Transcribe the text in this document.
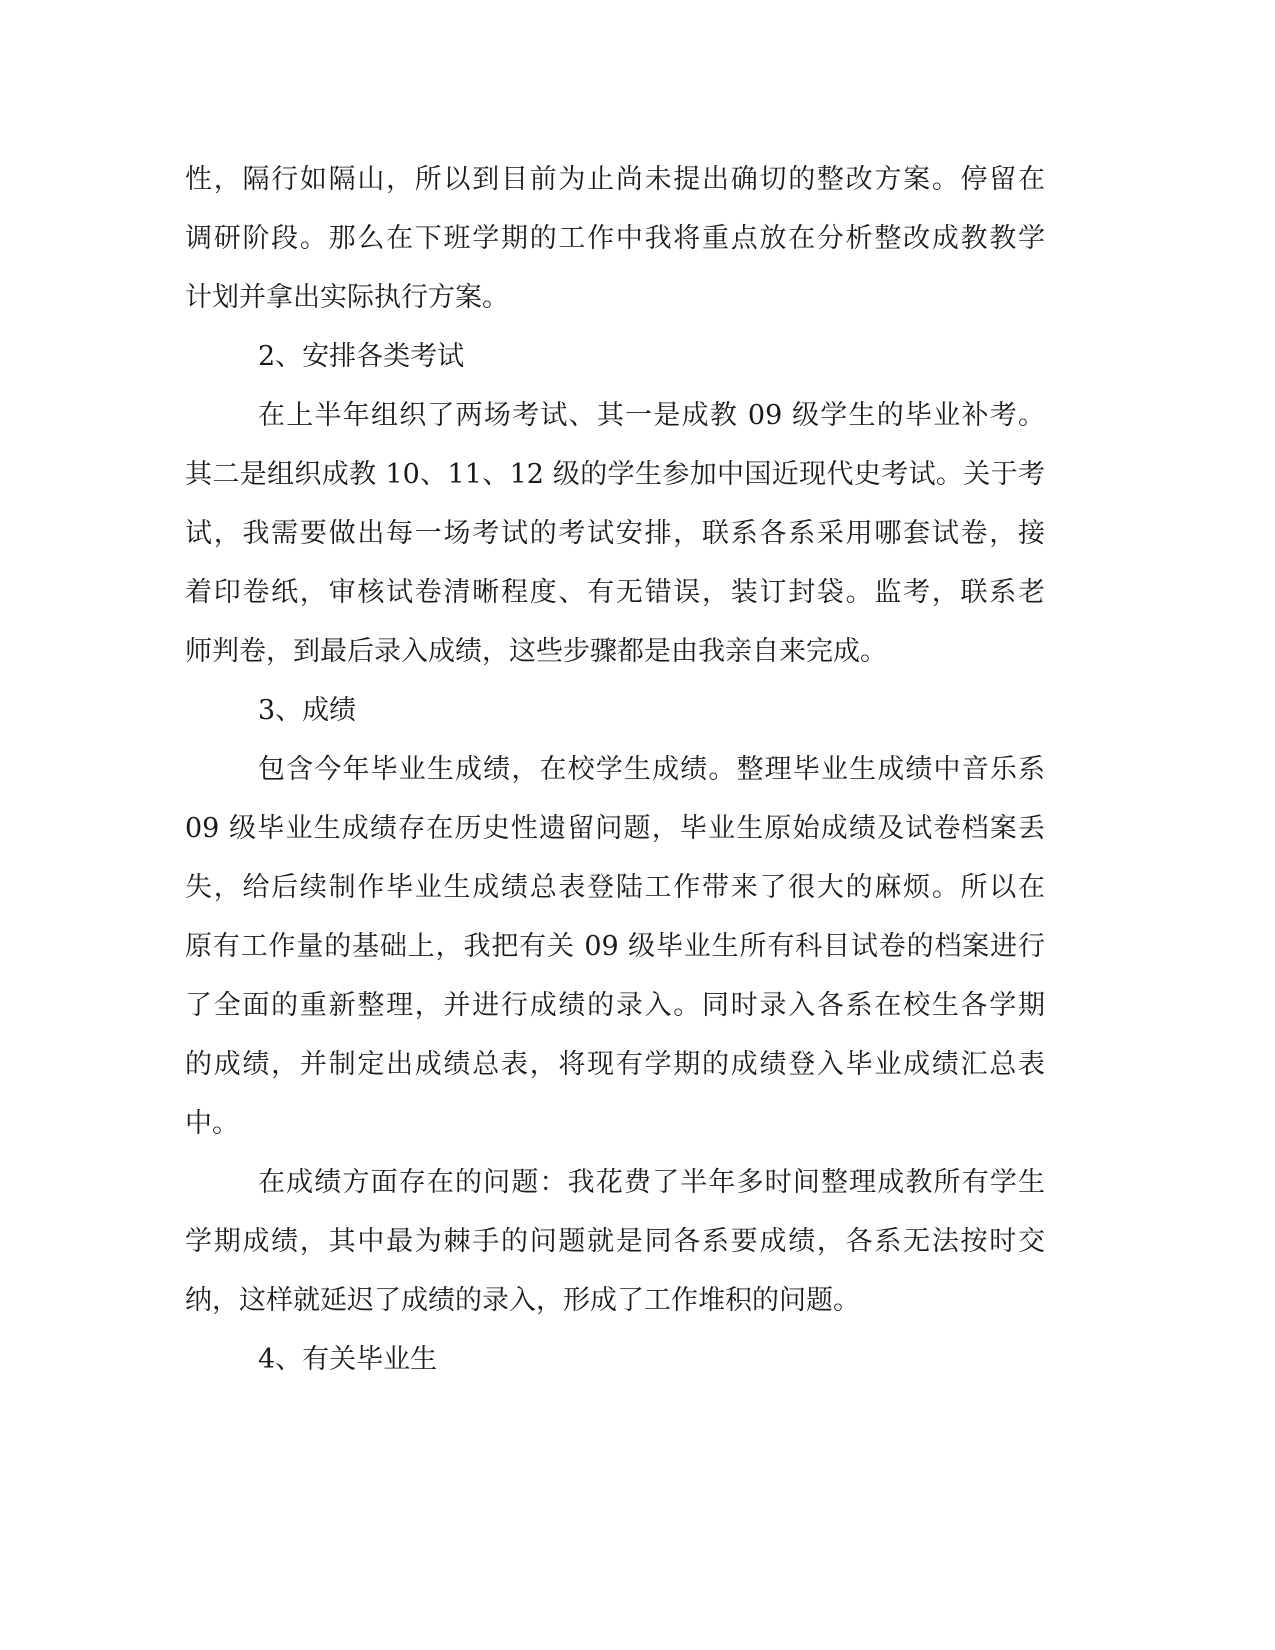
性，隔行如隔山，所以到目前为止尚未提出确切的整改方案。停留在
调研阶段。那么在下班学期的工作中我将重点放在分析整改成教教学
计划并拿出实际执行方案。
2、安排各类考试
在上半年组织了两场考试、其一是成教 09 级学生的毕业补考。
其二是组织成教 10、11、12 级的学生参加中国近现代史考试。关于考
试，我需要做出每一场考试的考试安排，联系各系采用哪套试卷，接
着印卷纸，审核试卷清晰程度、有无错误，装订封袋。监考，联系老
师判卷，到最后录入成绩，这些步骤都是由我亲自来完成。
3、成绩
包含今年毕业生成绩，在校学生成绩。整理毕业生成绩中音乐系
09 级毕业生成绩存在历史性遗留问题，毕业生原始成绩及试卷档案丢
失，给后续制作毕业生成绩总表登陆工作带来了很大的麻烦。所以在
原有工作量的基础上，我把有关 09 级毕业生所有科目试卷的档案进行
了全面的重新整理，并进行成绩的录入。同时录入各系在校生各学期
的成绩，并制定出成绩总表，将现有学期的成绩登入毕业成绩汇总表
中。
在成绩方面存在的问题：我花费了半年多时间整理成教所有学生
学期成绩，其中最为棘手的问题就是同各系要成绩，各系无法按时交
纳，这样就延迟了成绩的录入，形成了工作堆积的问题。
4、有关毕业生
